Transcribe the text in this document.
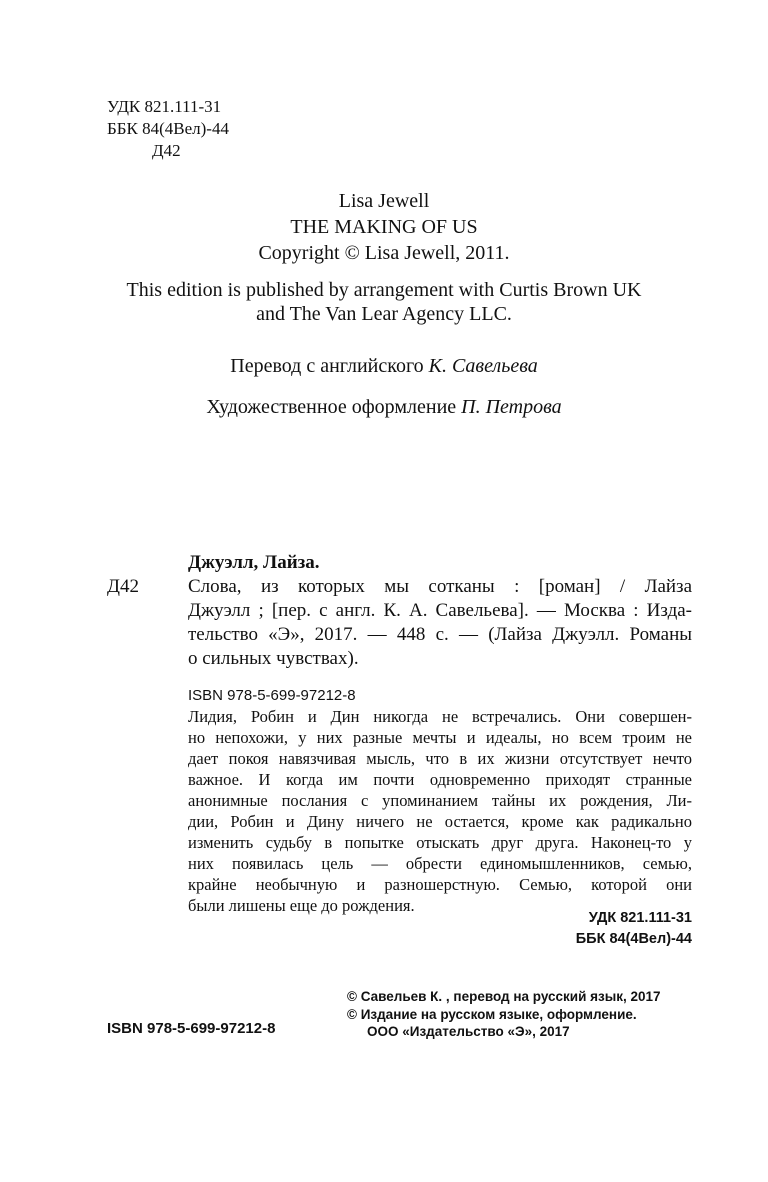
УДК 821.111-31
ББК 84(4Вел)-44
Д42
Lisa Jewell
THE MAKING OF US
Copyright © Lisa Jewell, 2011.
This edition is published by arrangement with Curtis Brown UK
and The Van Lear Agency LLC.
Перевод с английского К. Савельева
Художественное оформление П. Петрова
Джуэлл, Лайза.
Д42	Слова, из которых мы сотканы : [роман] / Лайза
Джуэлл ; [пер. с англ. К. А. Савельева]. — Москва : Изда-
тельство «Э», 2017. — 448 с. — (Лайза Джуэлл. Романы
о сильных чувствах).
ISBN 978-5-699-97212-8
Лидия, Робин и Дин никогда не встречались. Они совершен-
но непохожи, у них разные мечты и идеалы, но всем троим не
дает покоя навязчивая мысль, что в их жизни отсутствует нечто
важное. И когда им почти одновременно приходят странные
анонимные послания с упоминанием тайны их рождения, Ли-
дии, Робин и Дину ничего не остается, кроме как радикально
изменить судьбу в попытке отыскать друг друга. Наконец-то у
них появилась цель — обрести единомышленников, семью,
крайне необычную и разношерстную. Семью, которой они
были лишены еще до рождения.
УДК 821.111-31
ББК 84(4Вел)-44
© Савельев К. , перевод на русский язык, 2017
© Издание на русском языке, оформление.
ООО «Издательство «Э», 2017
ISBN 978-5-699-97212-8
